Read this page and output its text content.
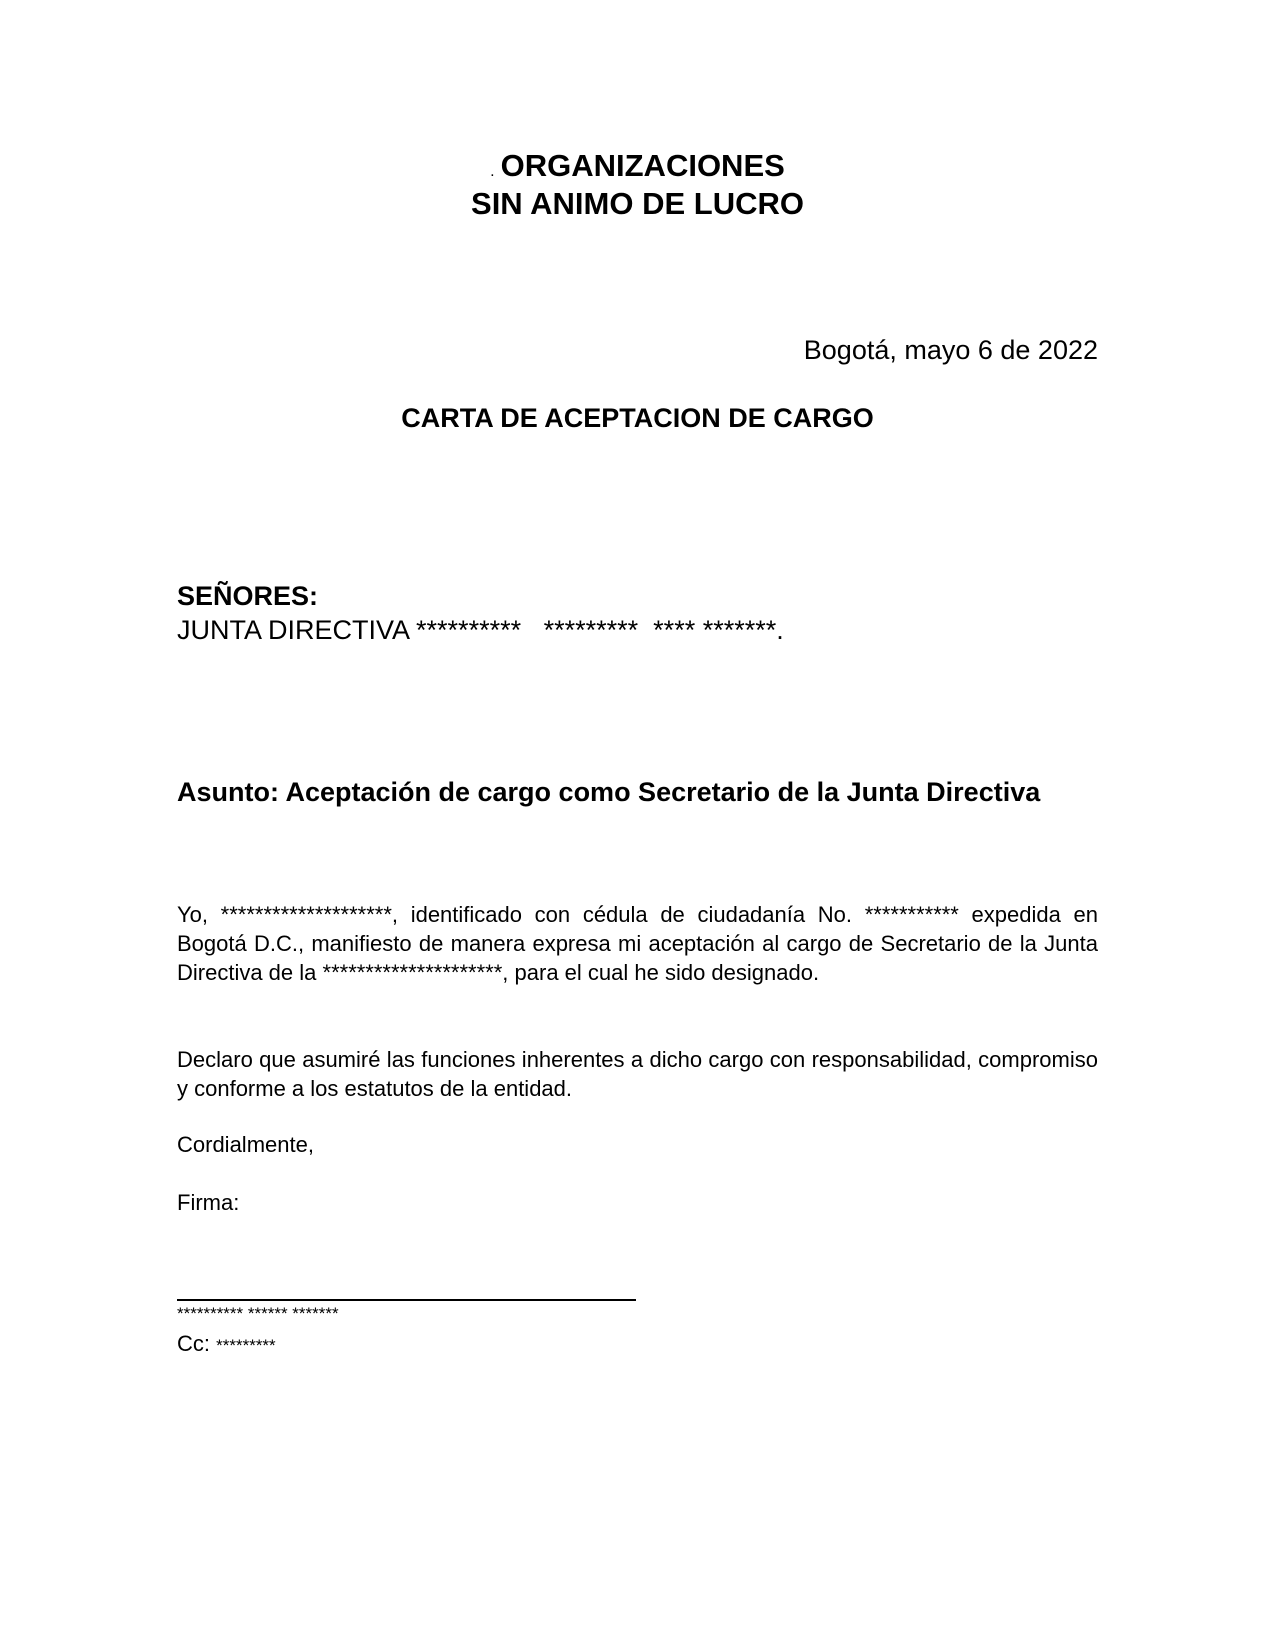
. ORGANIZACIONES
SIN ANIMO DE LUCRO
Bogotá, mayo 6 de 2022
CARTA DE ACEPTACION DE CARGO
SEÑORES:
JUNTA DIRECTIVA **********   *********  **** *******.
Asunto: Aceptación de cargo como Secretario de la Junta Directiva
Yo, ********************, identificado con cédula de ciudadanía No. *********** expedida en Bogotá D.C., manifiesto de manera expresa mi aceptación al cargo de Secretario de la Junta Directiva de la *********************, para el cual he sido designado.
Declaro que asumiré las funciones inherentes a dicho cargo con responsabilidad, compromiso y conforme a los estatutos de la entidad.
Cordialmente,
Firma:
********** ****** *******
Cc: *********
